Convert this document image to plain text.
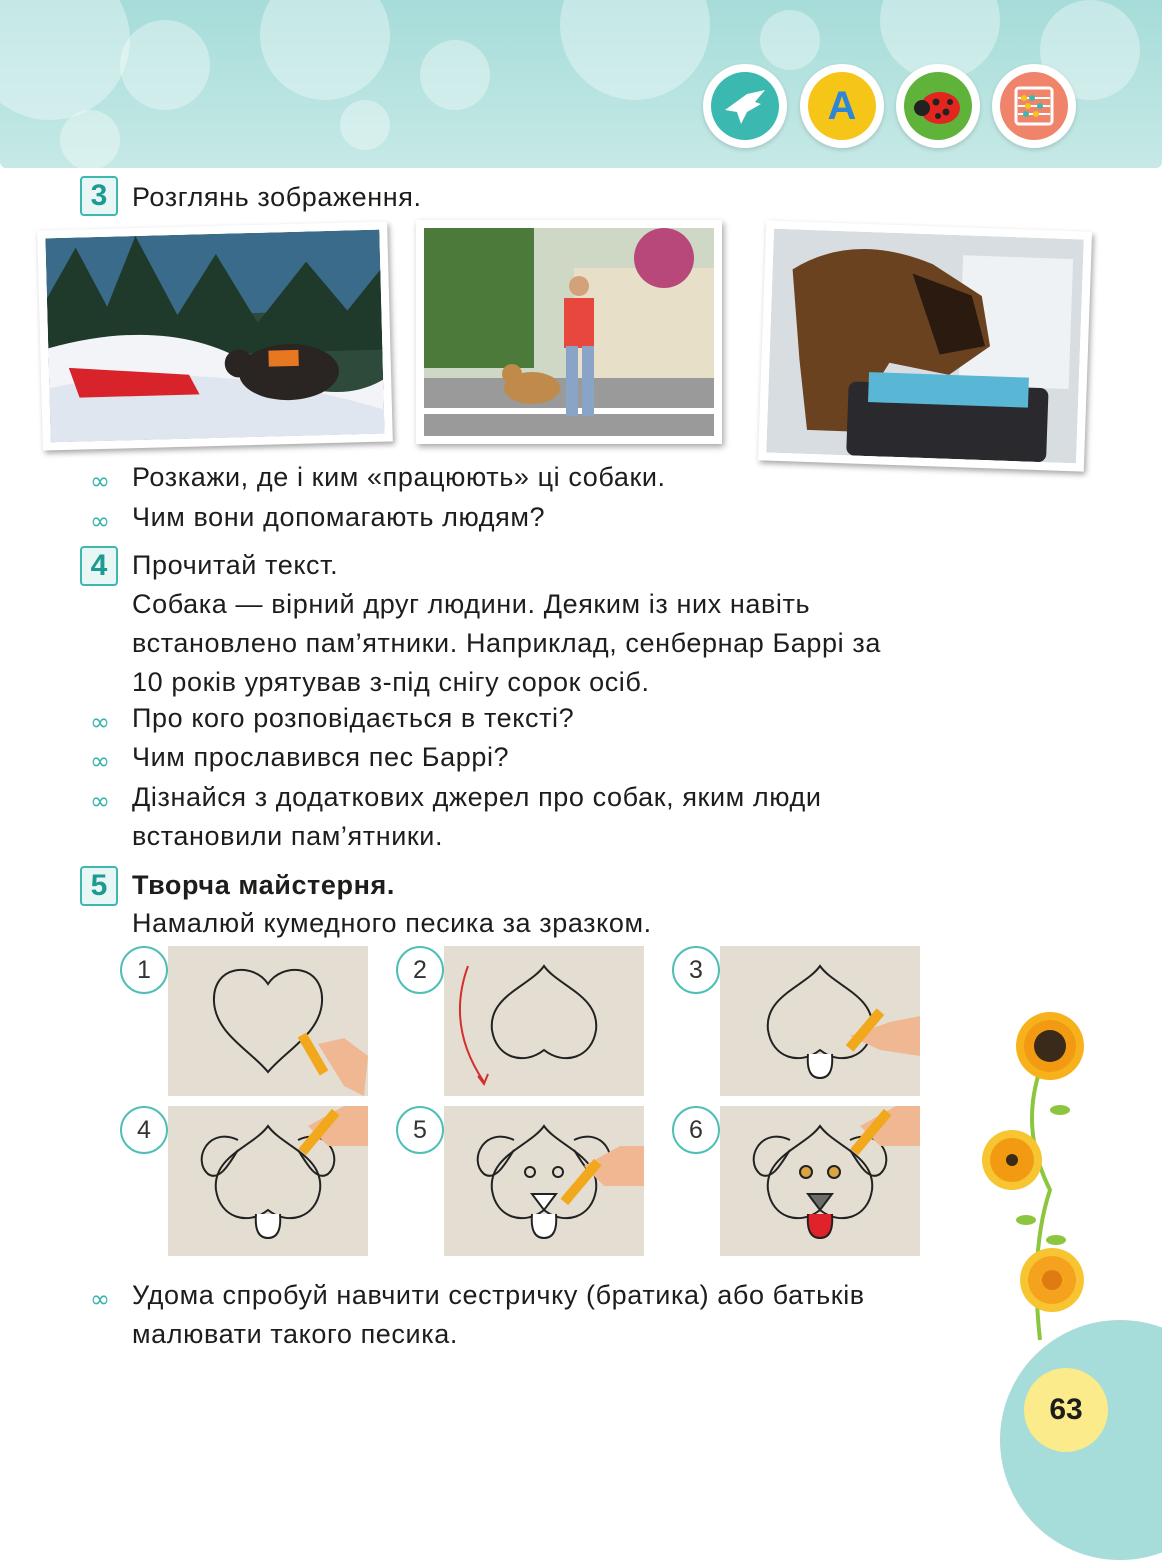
A
3 Розглянь зображення.
∞ Розкажи, де і ким «працюють» ці собаки.
∞ Чим вони допомагають людям?
4 Прочитай текст.
Собака — вірний друг людини. Деяким із них навіть
встановлено пам’ятники. Наприклад, сенбернар Баррі за
10 років урятував з-під снігу сорок осіб.
∞ Про кого розповідається в тексті?
∞ Чим прославився пес Баррі?
∞ Дізнайся з додаткових джерел про собак, яким люди
встановили пам’ятники.
5 Творча майстерня.
Намалюй кумедного песика за зразком.
1	2	3
4	5	6
∞ Удома спробуй навчити сестричку (братика) або батьків
малювати такого песика.
63
